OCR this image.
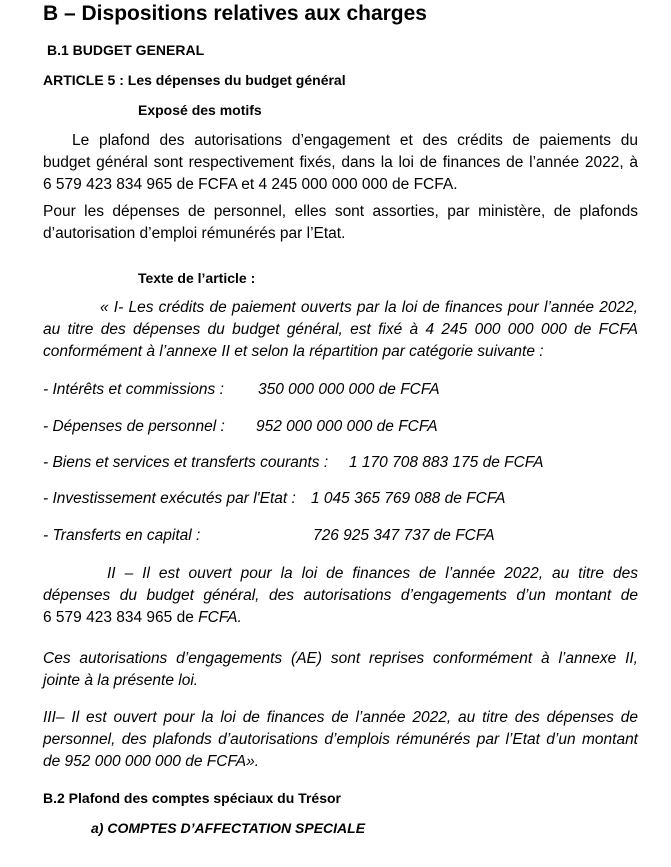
B – Dispositions relatives aux charges
B.1 BUDGET GENERAL
ARTICLE 5 : Les dépenses du budget général
Exposé des motifs
Le plafond des autorisations d’engagement et des crédits de paiements du
budget général sont respectivement fixés, dans la loi de finances de l’année 2022, à
6 579 423 834 965 de FCFA et 4 245 000 000 000 de FCFA.
Pour les dépenses de personnel, elles sont assorties, par ministère, de plafonds
d’autorisation d’emploi rémunérés par l’Etat.
Texte de l’article :
« I- Les crédits de paiement ouverts par la loi de finances pour l’année 2022,
au titre des dépenses du budget général, est fixé à 4 245 000 000 000 de FCFA
conformément à l’annexe II et selon la répartition par catégorie suivante :
- Intérêts et commissions : 350 000 000 000 de FCFA
- Dépenses de personnel : 952 000 000 000 de FCFA
- Biens et services et transferts courants : 1 170 708 883 175 de FCFA
- Investissement exécutés par l'Etat : 1 045 365 769 088 de FCFA
- Transferts en capital :	726 925 347 737 de FCFA
II – Il est ouvert pour la loi de finances de l’année 2022, au titre des
dépenses du budget général, des autorisations d’engagements d’un montant de
6 579 423 834 965 de FCFA.
Ces autorisations d’engagements (AE) sont reprises conformément à l’annexe II,
jointe à la présente loi.
III– Il est ouvert pour la loi de finances de l’année 2022, au titre des dépenses de
personnel, des plafonds d’autorisations d’emplois rémunérés par l’Etat d’un montant
de 952 000 000 000 de FCFA».
B.2 Plafond des comptes spéciaux du Trésor
a) COMPTES D’AFFECTATION SPECIALE
